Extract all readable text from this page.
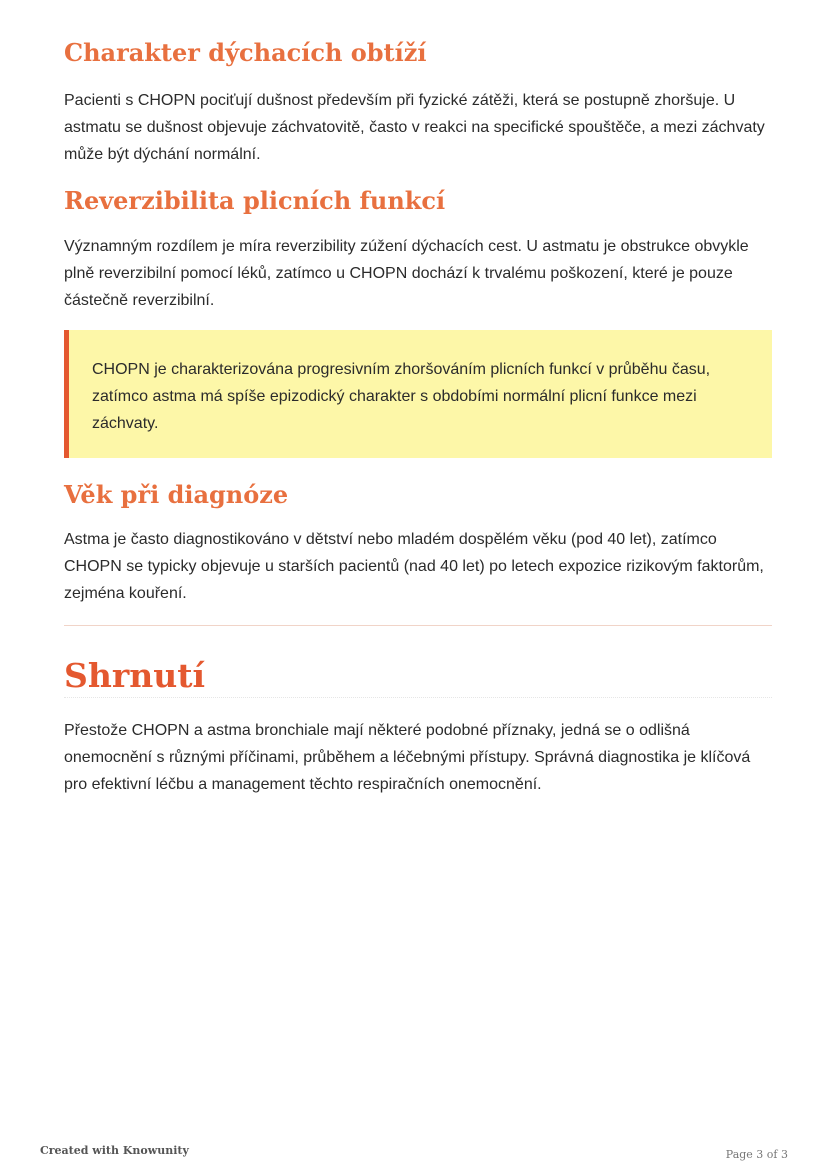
Charakter dýchacích obtíží

Pacienti s CHOPN pociťují dušnost především při fyzické zátěži, která se postupně zhoršuje. U astmatu se dušnost objevuje záchvatovitě, často v reakci na specifické spouštěče, a mezi záchvaty může být dýchání normální.

Reverzibilita plicních funkcí

Významným rozdílem je míra reverzibility zúžení dýchacích cest. U astmatu je obstrukce obvykle plně reverzibilní pomocí léků, zatímco u CHOPN dochází k trvalému poškození, které je pouze částečně reverzibilní.

CHOPN je charakterizována progresivním zhoršováním plicních funkcí v průběhu času, zatímco astma má spíše epizodický charakter s obdobími normální plicní funkce mezi záchvaty.

Věk při diagnóze

Astma je často diagnostikováno v dětství nebo mladém dospělém věku (pod 40 let), zatímco CHOPN se typicky objevuje u starších pacientů (nad 40 let) po letech expozice rizikovým faktorům, zejména kouření.

Shrnutí

Přestože CHOPN a astma bronchiale mají některé podobné příznaky, jedná se o odlišná onemocnění s různými příčinami, průběhem a léčebnými přístupy. Správná diagnostika je klíčová pro efektivní léčbu a management těchto respiračních onemocnění.

Created with Knowunity	Page 3 of 3
